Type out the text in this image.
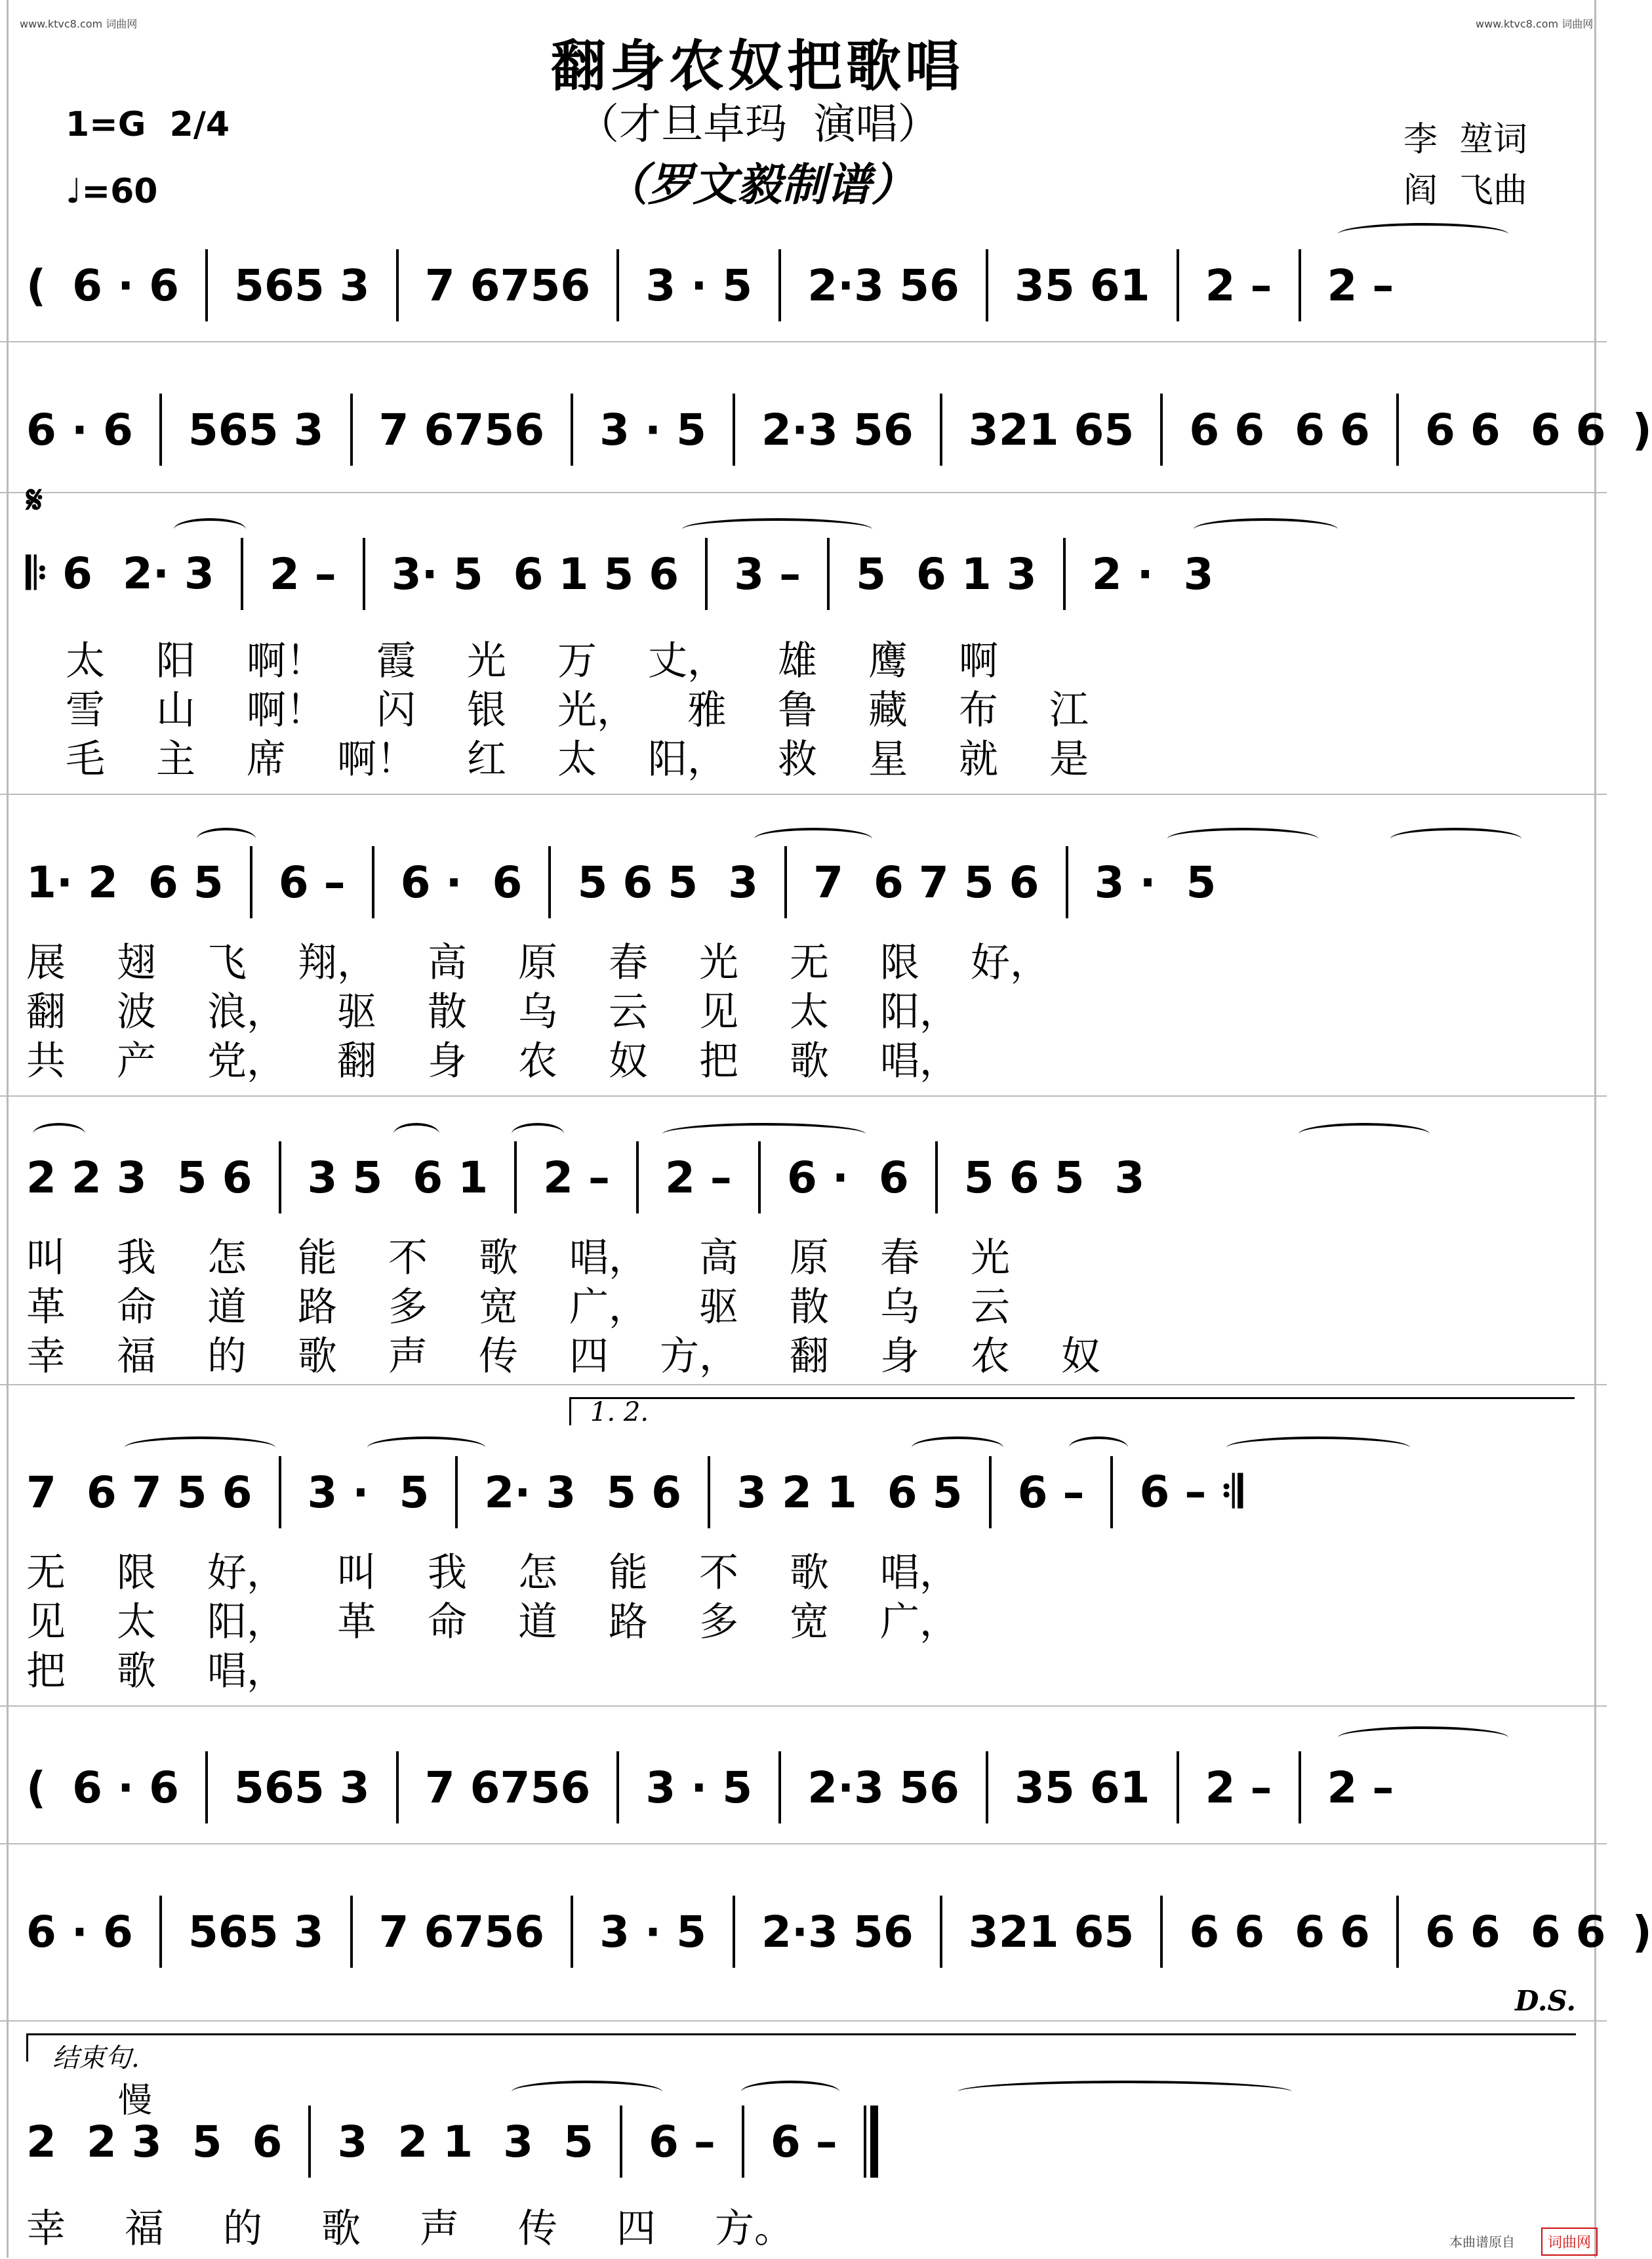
www.ktvc8.com 词曲网	www.ktvc8.com 词曲网
翻身农奴把歌唱
（才旦卓玛  演唱）
（罗文毅制谱）
1=G  2/4
♩=60
李  堃词
阎  飞曲
( 6 · 6 565 3 7 6756 3 · 5 2·3 56 35 61 2 – 2 –
6 · 6 565 3 7 6756 3 · 5 2·3 56 321 65 6 6  6 6 6 6  6 6 )
𝄋
𝄆 6  2· 3 2 – 3· 5  6 1 5 6 3 – 5  6 1 3 2 ·  3
太 阳 啊！ 霞 光 万 丈， 雄 鹰 啊
雪 山 啊！ 闪 银 光， 雅 鲁 藏 布 江
毛 主 席 啊！ 红 太 阳， 救 星 就 是
1· 2  6 5 6 – 6 ·  6 5 6 5  3 7  6 7 5 6 3 ·  5
展 翅 飞 翔， 高 原 春 光 无 限 好，
翻 波 浪， 驱 散 乌 云 见 太 阳，
共 产 党， 翻 身 农 奴 把 歌 唱，
2 2 3  5 6 3 5  6 1 2 – 2 – 6 ·  6 5 6 5  3
叫 我 怎 能 不 歌 唱， 高 原 春 光
革 命 道 路 多 宽 广， 驱 散 乌 云
幸 福 的 歌 声 传 四 方， 翻 身 农 奴
1. 2.
7  6 7 5 6 3 ·  5 2· 3  5 6 3 2 1  6 5 6 – 6 – 𝄇
无 限 好， 叫 我 怎 能 不 歌 唱，
见 太 阳， 革 命 道 路 多 宽 广，
把 歌 唱，
( 6 · 6 565 3 7 6756 3 · 5 2·3 56 35 61 2 – 2 –
6 · 6 565 3 7 6756 3 · 5 2·3 56 321 65 6 6  6 6 6 6  6 6 )
D.S.
结束句.
慢
2  2 3  5  6 3  2 1  3  5 6 – 6 –
幸 福 的 歌 声 传 四 方。	本曲谱原自	词曲网
